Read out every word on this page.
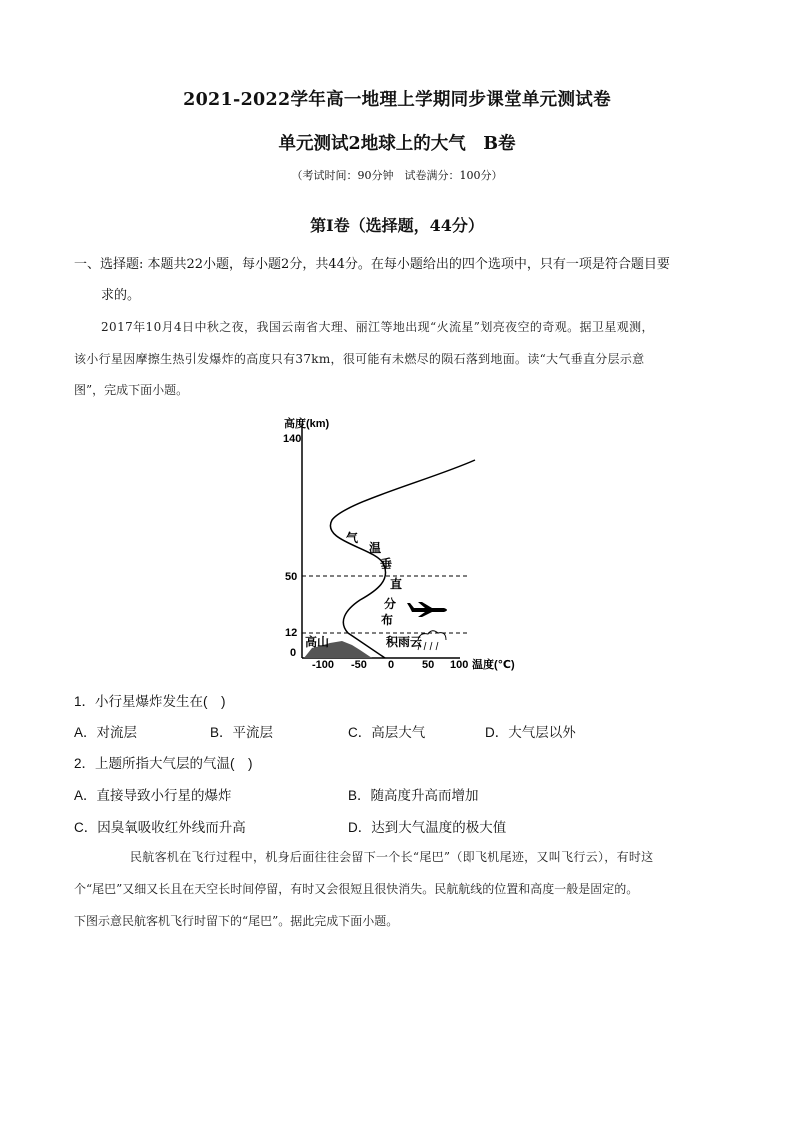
2021-2022学年高一地理上学期同步课堂单元测试卷
单元测试2地球上的大气　B卷
（考试时间：90分钟　试卷满分：100分）
第Ⅰ卷（选择题，44分）
一、选择题: 本题共22小题，每小题2分，共44分。在每小题给出的四个选项中，只有一项是符合题目要
求的。
2017年10月4日中秋之夜，我国云南省大理、丽江等地出现“火流星”划亮夜空的奇观。据卫星观测，
该小行星因摩擦生热引发爆炸的高度只有37km，很可能有未燃尽的陨石落到地面。读“大气垂直分层示意
图”，完成下面小题。
高度(km)
140
50
12
0
高山	积雨云
气
温
垂
直
分
布
-100 -50 0	50 100 温度(℃)
1．小行星爆炸发生在(　)
A．对流层	B．平流层	C．高层大气	D．大气层以外
2．上题所指大气层的气温(　)
A．直接导致小行星的爆炸	B．随高度升高而增加
C．因臭氧吸收红外线而升高	D．达到大气温度的极大值
民航客机在飞行过程中，机身后面往往会留下一个长“尾巴”（即飞机尾迹，又叫飞行云），有时这
个“尾巴”又细又长且在天空长时间停留，有时又会很短且很快消失。民航航线的位置和高度一般是固定的。
下图示意民航客机飞行时留下的“尾巴”。据此完成下面小题。
